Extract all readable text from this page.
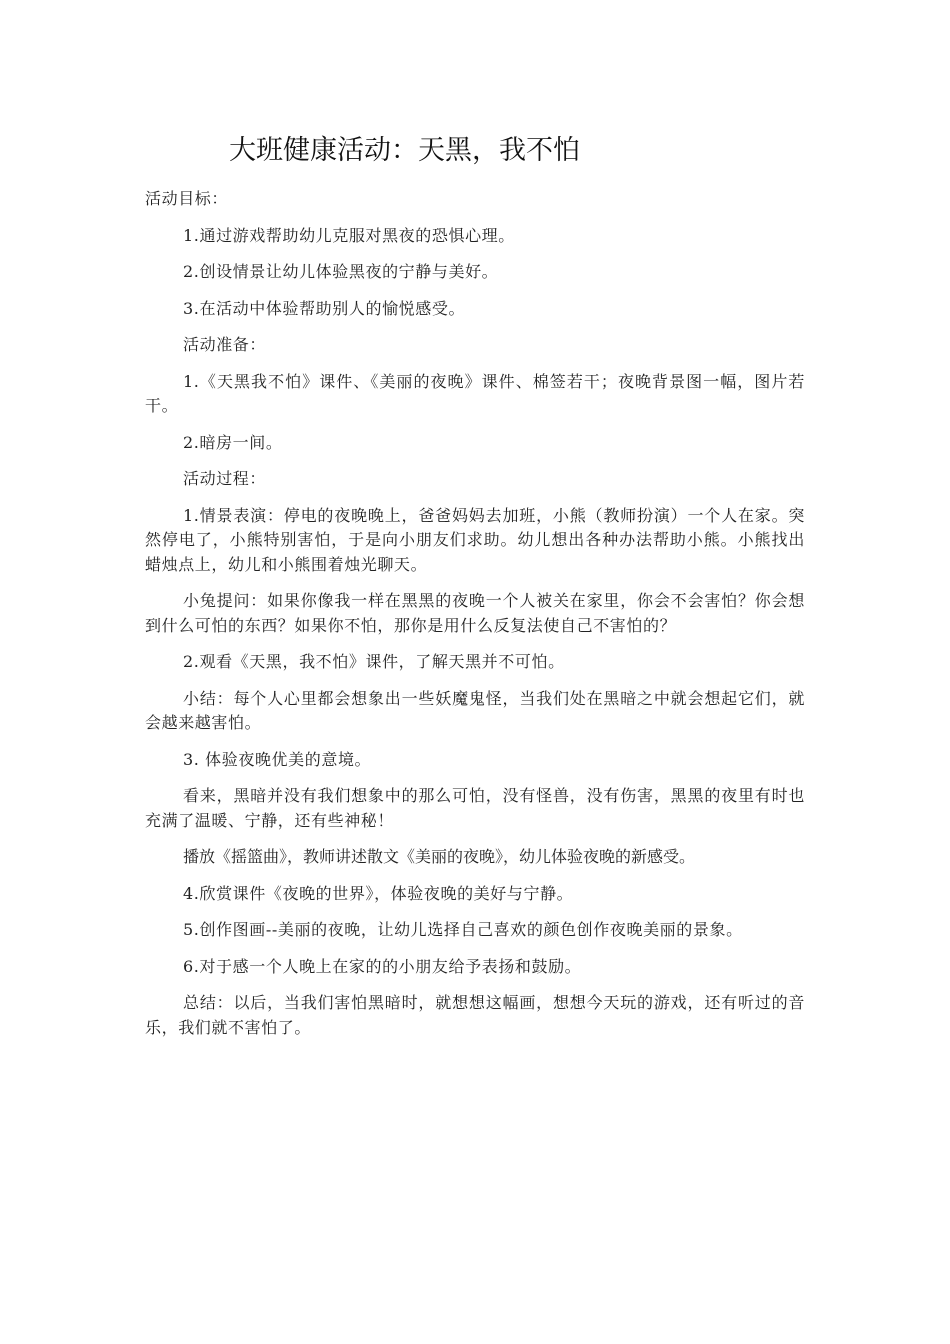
大班健康活动：天黑，我不怕

活动目标：

1.通过游戏帮助幼儿克服对黑夜的恐惧心理。

2.创设情景让幼儿体验黑夜的宁静与美好。

3.在活动中体验帮助别人的愉悦感受。

活动准备：

1.《天黑我不怕》课件、《美丽的夜晚》课件、棉签若干；夜晚背景图一幅，图片若干。

2.暗房一间。

活动过程：

1.情景表演：停电的夜晚晚上，爸爸妈妈去加班，小熊（教师扮演）一个人在家。突然停电了，小熊特别害怕，于是向小朋友们求助。幼儿想出各种办法帮助小熊。小熊找出蜡烛点上，幼儿和小熊围着烛光聊天。

小兔提问：如果你像我一样在黑黑的夜晚一个人被关在家里，你会不会害怕？你会想到什么可怕的东西？如果你不怕，那你是用什么反复法使自己不害怕的？

2.观看《天黑，我不怕》课件，了解天黑并不可怕。

小结：每个人心里都会想象出一些妖魔鬼怪，当我们处在黑暗之中就会想起它们，就会越来越害怕。

3. 体验夜晚优美的意境。

看来，黑暗并没有我们想象中的那么可怕，没有怪兽，没有伤害，黑黑的夜里有时也充满了温暖、宁静，还有些神秘！

播放《摇篮曲》，教师讲述散文《美丽的夜晚》，幼儿体验夜晚的新感受。

4.欣赏课件《夜晚的世界》，体验夜晚的美好与宁静。

5.创作图画--美丽的夜晚，让幼儿选择自己喜欢的颜色创作夜晚美丽的景象。

6.对于感一个人晚上在家的的小朋友给予表扬和鼓励。

总结：以后，当我们害怕黑暗时，就想想这幅画，想想今天玩的游戏，还有听过的音乐，我们就不害怕了。
